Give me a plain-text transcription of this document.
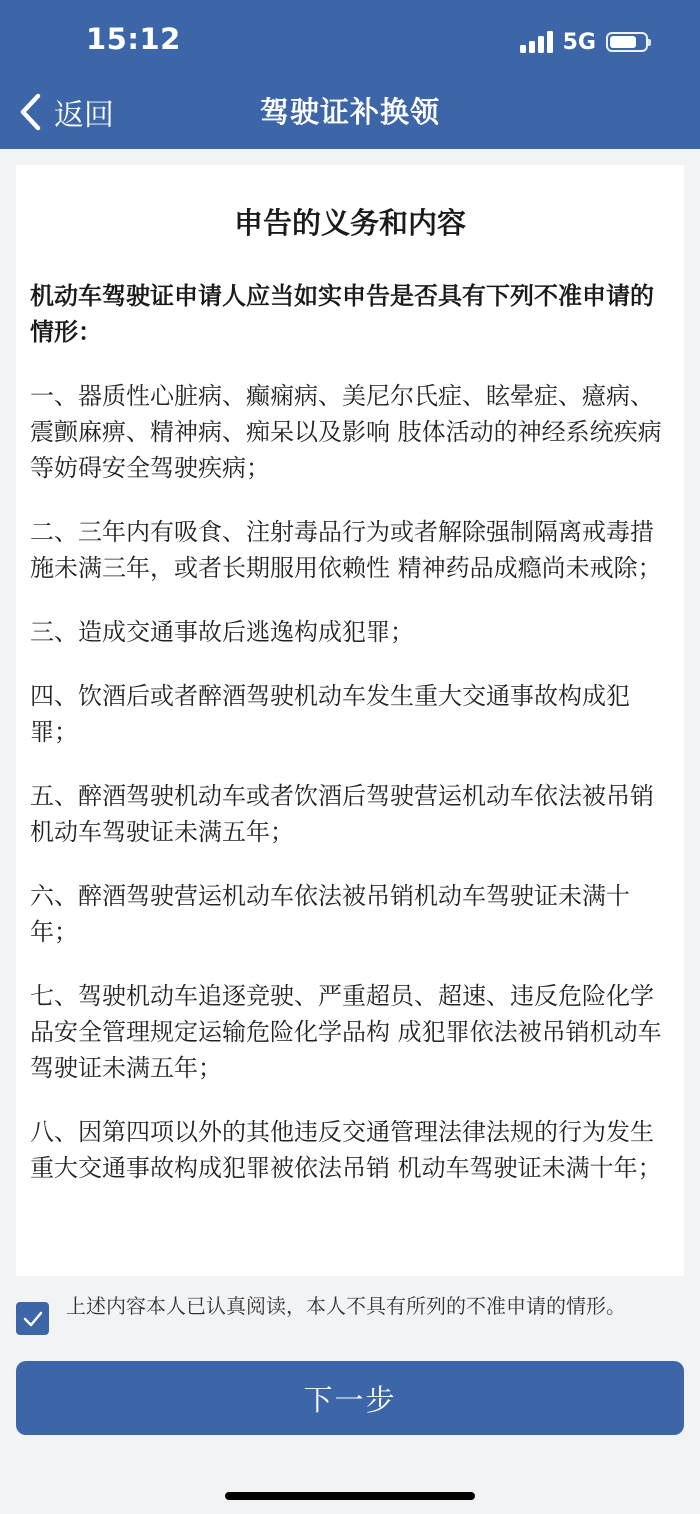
15:12	5G
返回	驾驶证补换领
申告的义务和内容
机动车驾驶证申请人应当如实申告是否具有下列不准申请的情形：
一、器质性心脏病、癫痫病、美尼尔氏症、眩晕症、癔病、震颤麻痹、精神病、痴呆以及影响 肢体活动的神经系统疾病等妨碍安全驾驶疾病；
二、三年内有吸食、注射毒品行为或者解除强制隔离戒毒措施未满三年，或者长期服用依赖性 精神药品成瘾尚未戒除；
三、造成交通事故后逃逸构成犯罪；
四、饮酒后或者醉酒驾驶机动车发生重大交通事故构成犯罪；
五、醉酒驾驶机动车或者饮酒后驾驶营运机动车依法被吊销机动车驾驶证未满五年；
六、醉酒驾驶营运机动车依法被吊销机动车驾驶证未满十年；
七、驾驶机动车追逐竞驶、严重超员、超速、违反危险化学品安全管理规定运输危险化学品构 成犯罪依法被吊销机动车驾驶证未满五年；
八、因第四项以外的其他违反交通管理法律法规的行为发生重大交通事故构成犯罪被依法吊销 机动车驾驶证未满十年；
上述内容本人已认真阅读，本人不具有所列的不准申请的情形。
下一步
